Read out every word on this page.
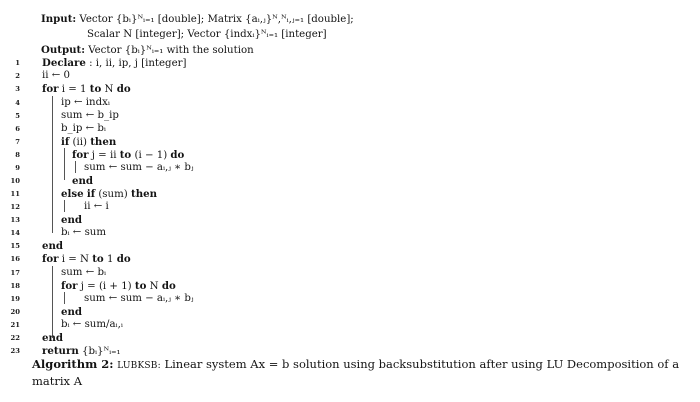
Input: Vector {bᵢ}ᴺᵢ₌₁ [double]; Matrix {aᵢ,ⱼ}ᴺ,ᴺᵢ,ⱼ₌₁ [double];
Scalar N [integer]; Vector {indxᵢ}ᴺᵢ₌₁ [integer]
Output: Vector {bᵢ}ᴺᵢ₌₁ with the solution
1
2
3
4
5
6
7
8
9
10
11
12
13
14
15
16
17
18
19
20
21
22
23
Declare : i, ii, ip, j [integer]
ii ← 0
for i = 1 to N do
ip ← indxᵢ
sum ← b_ip
b_ip ← bᵢ
if (ii) then
for j = ii to (i − 1) do
sum ← sum − aᵢ,ⱼ ∗ bⱼ
end
else if (sum) then
ii ← i
end
bᵢ ← sum
end
for i = N to 1 do
sum ← bᵢ
for j = (i + 1) to N do
sum ← sum − aᵢ,ⱼ ∗ bⱼ
end
bᵢ ← sum/aᵢ,ᵢ
end
return {bᵢ}ᴺᵢ₌₁
Algorithm 2: LUBKSB: Linear system Ax = b solution using backsubstitution after using LU Decomposition of a matrix A
